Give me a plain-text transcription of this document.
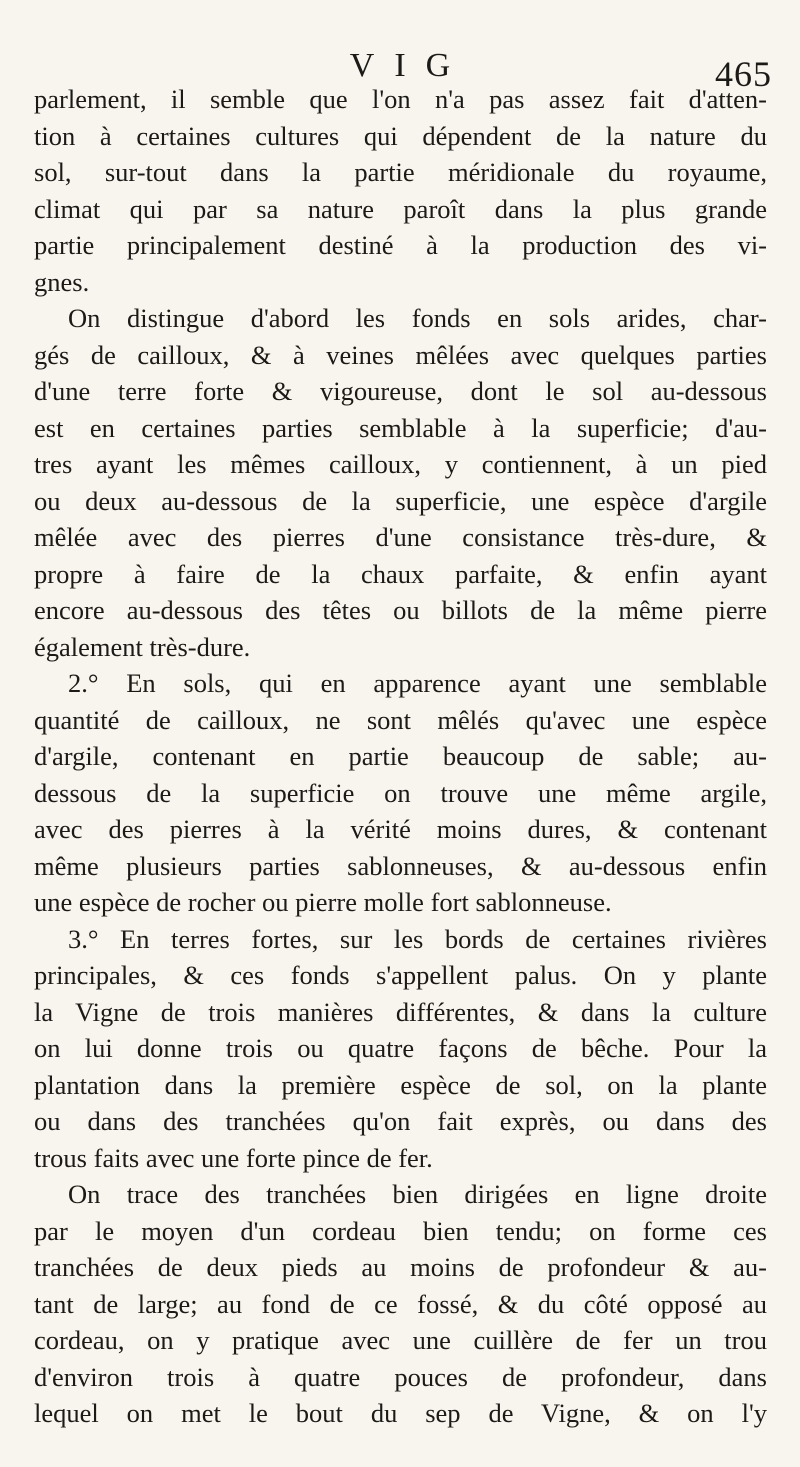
VIG	465
parlement, il semble que l'on n'a pas assez fait d'atten-
tion à certaines cultures qui dépendent de la nature du
sol, sur-tout dans la partie méridionale du royaume,
climat qui par sa nature paroît dans la plus grande
partie principalement destiné à la production des vi-
gnes.
On distingue d'abord les fonds en sols arides, char-
gés de cailloux, & à veines mêlées avec quelques parties
d'une terre forte & vigoureuse, dont le sol au-dessous
est en certaines parties semblable à la superficie; d'au-
tres ayant les mêmes cailloux, y contiennent, à un pied
ou deux au-dessous de la superficie, une espèce d'argile
mêlée avec des pierres d'une consistance très-dure, &
propre à faire de la chaux parfaite, & enfin ayant
encore au-dessous des têtes ou billots de la même pierre
également très-dure.
2.° En sols, qui en apparence ayant une semblable
quantité de cailloux, ne sont mêlés qu'avec une espèce
d'argile, contenant en partie beaucoup de sable; au-
dessous de la superficie on trouve une même argile,
avec des pierres à la vérité moins dures, & contenant
même plusieurs parties sablonneuses, & au-dessous enfin
une espèce de rocher ou pierre molle fort sablonneuse.
3.° En terres fortes, sur les bords de certaines rivières
principales, & ces fonds s'appellent palus. On y plante
la Vigne de trois manières différentes, & dans la culture
on lui donne trois ou quatre façons de bêche. Pour la
plantation dans la première espèce de sol, on la plante
ou dans des tranchées qu'on fait exprès, ou dans des
trous faits avec une forte pince de fer.
On trace des tranchées bien dirigées en ligne droite
par le moyen d'un cordeau bien tendu; on forme ces
tranchées de deux pieds au moins de profondeur & au-
tant de large; au fond de ce fossé, & du côté opposé au
cordeau, on y pratique avec une cuillère de fer un trou
d'environ trois à quatre pouces de profondeur, dans
lequel on met le bout du sep de Vigne, & on l'y
